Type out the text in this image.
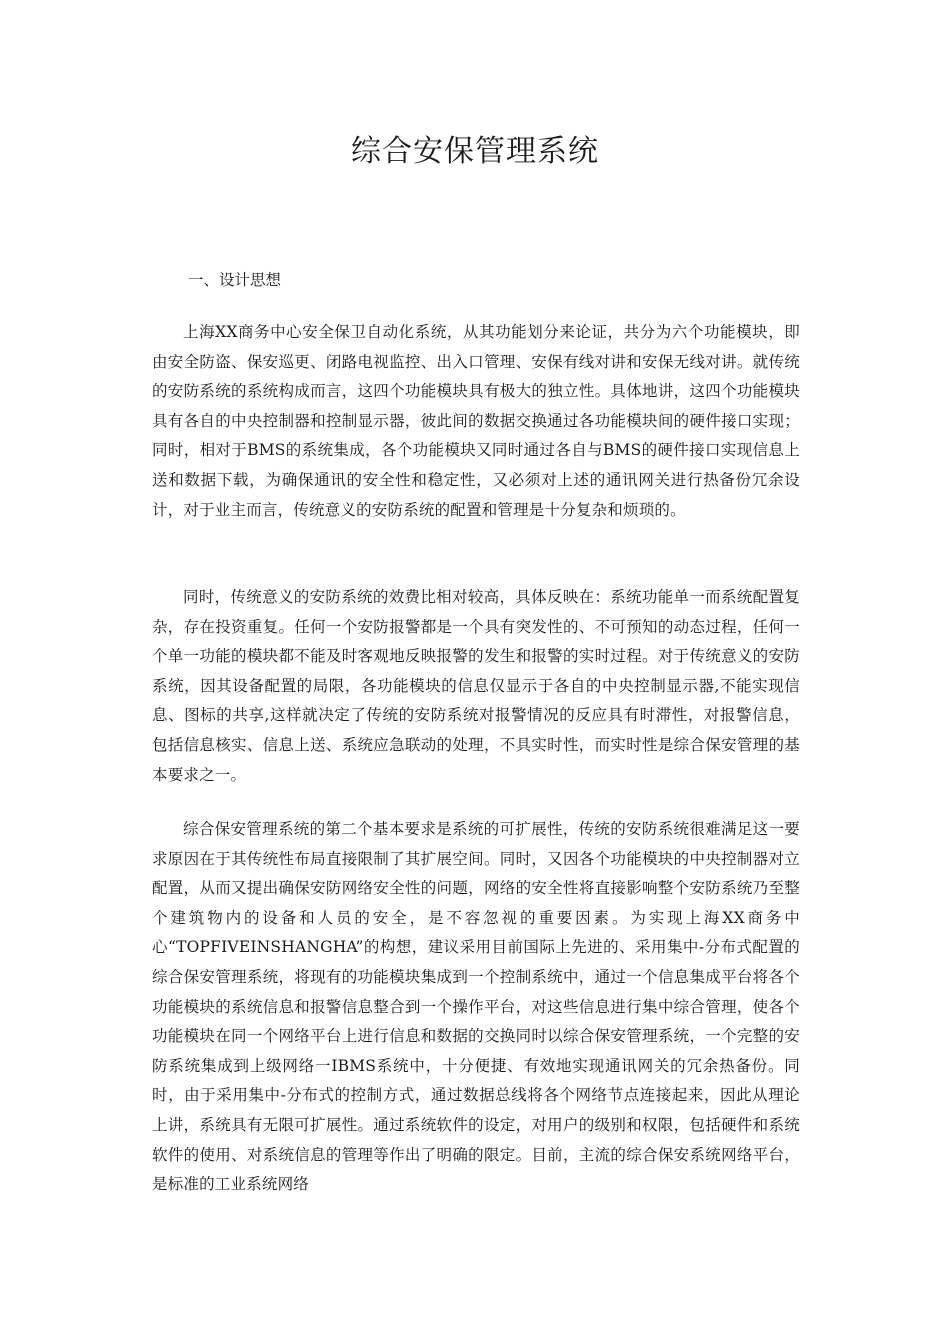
综合安保管理系统
一、设计思想

上海XX商务中心安全保卫自动化系统，从其功能划分来论证，共分为六个功能模块，即由安全防盗、保安巡更、闭路电视监控、出入口管理、安保有线对讲和安保无线对讲。就传统的安防系统的系统构成而言，这四个功能模块具有极大的独立性。具体地讲，这四个功能模块具有各自的中央控制器和控制显示器，彼此间的数据交换通过各功能模块间的硬件接口实现；同时，相对于BMS的系统集成，各个功能模块又同时通过各自与BMS的硬件接口实现信息上送和数据下载，为确保通讯的安全性和稳定性，又必须对上述的通讯网关进行热备份冗余设计，对于业主而言，传统意义的安防系统的配置和管理是十分复杂和烦琐的。

同时，传统意义的安防系统的效费比相对较高，具体反映在：系统功能单一而系统配置复杂，存在投资重复。任何一个安防报警都是一个具有突发性的、不可预知的动态过程，任何一个单一功能的模块都不能及时客观地反映报警的发生和报警的实时过程。对于传统意义的安防系统，因其设备配置的局限，各功能模块的信息仅显示于各自的中央控制显示器,不能实现信息、图标的共享,这样就决定了传统的安防系统对报警情况的反应具有时滞性，对报警信息，包括信息核实、信息上送、系统应急联动的处理，不具实时性，而实时性是综合保安管理的基本要求之一。

综合保安管理系统的第二个基本要求是系统的可扩展性，传统的安防系统很难满足这一要求原因在于其传统性布局直接限制了其扩展空间。同时，又因各个功能模块的中央控制器对立配置，从而又提出确保安防网络安全性的问题，网络的安全性将直接影响整个安防系统乃至整个建筑物内的设备和人员的安全，是不容忽视的重要因素。为实现上海XX商务中心“TOPFIVEINSHANGHA”的构想，建议采用目前国际上先进的、采用集中-分布式配置的综合保安管理系统，将现有的功能模块集成到一个控制系统中，通过一个信息集成平台将各个功能模块的系统信息和报警信息整合到一个操作平台，对这些信息进行集中综合管理，使各个功能模块在同一个网络平台上进行信息和数据的交换同时以综合保安管理系统，一个完整的安防系统集成到上级网络一IBMS系统中，十分便捷、有效地实现通讯网关的冗余热备份。同时，由于采用集中-分布式的控制方式，通过数据总线将各个网络节点连接起来，因此从理论上讲，系统具有无限可扩展性。通过系统软件的设定，对用户的级别和权限，包括硬件和系统软件的使用、对系统信息的管理等作出了明确的限定。目前，主流的综合保安系统网络平台，是标准的工业系统网络
